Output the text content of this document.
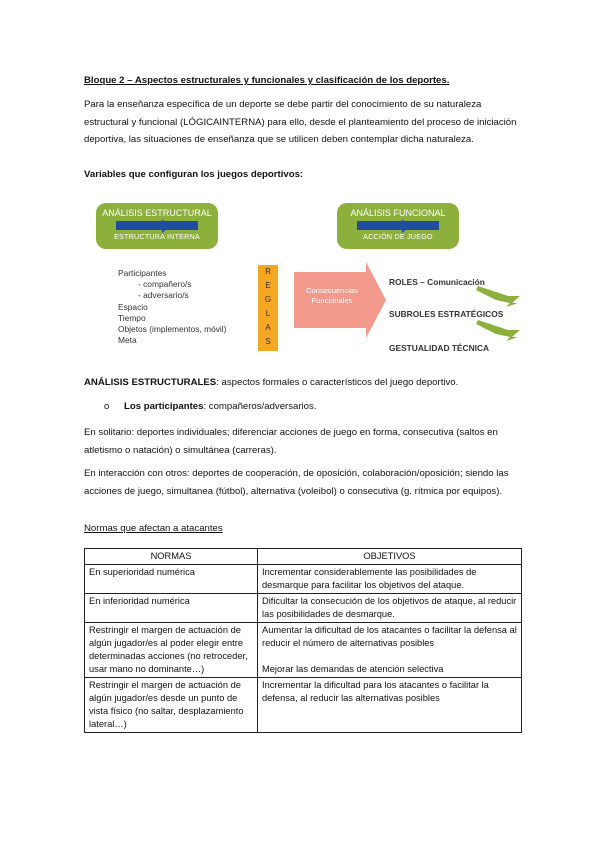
Bloque 2 – Aspectos estructurales y funcionales y clasificación de los deportes.

Para la enseñanza específica de un deporte se debe partir del conocimiento de su naturaleza estructural y funcional (LÓGICAINTERNA) para ello, desde el planteamiento del proceso de iniciación deportiva, las situaciones de enseñanza que se utilicen deben contemplar dicha naturaleza.

Variables que configuran los juegos deportivos:

ANÁLISIS ESTRUCTURAL
ESTRUCTURA INTERNA
ANÁLISIS FUNCIONAL
ACCIÓN DE JUEGO
Participantes
- compañero/s
- adversario/s
Espacio
Tiempo
Objetos (implementos, móvil)
Meta
R
E
G
L
A
S
Consecuencias Funcionales
ROLES – Comunicación
SUBROLES ESTRATÉGICOS
GESTUALIDAD TÉCNICA

ANÁLISIS ESTRUCTURALES: aspectos formales o característicos del juego deportivo.

o Los participantes: compañeros/adversarios.

En solitario: deportes individuales; diferenciar acciones de juego en forma, consecutiva (saltos en atletismo o natación) o simultánea (carreras).

En interacción con otros: deportes de cooperación, de oposición, colaboración/oposición; siendo las acciones de juego, simultanea (fútbol), alternativa (voleibol) o consecutiva (g. rítmica por equipos).

Normas que afectan a atacantes

NORMAS	OBJETIVOS
En superioridad numérica	Incrementar considerablemente las posibilidades de desmarque para facilitar los objetivos del ataque.
En inferioridad numérica	Dificultar la consecución de los objetivos de ataque, al reducir las posibilidades de desmarque.
Restringir el margen de actuación de algún jugador/es al poder elegir entre determinadas acciones (no retroceder, usar mano no dominante…)	Aumentar la dificultad de los atacantes o facilitar la defensa al reducir el número de alternativas posibles
Mejorar las demandas de atención selectiva
Restringir el margen de actuación de algún jugador/es desde un punto de vista físico (no saltar, desplazamiento lateral…)	Incrementar la dificultad para los atacantes o facilitar la defensa, al reducir las alternativas posibles
